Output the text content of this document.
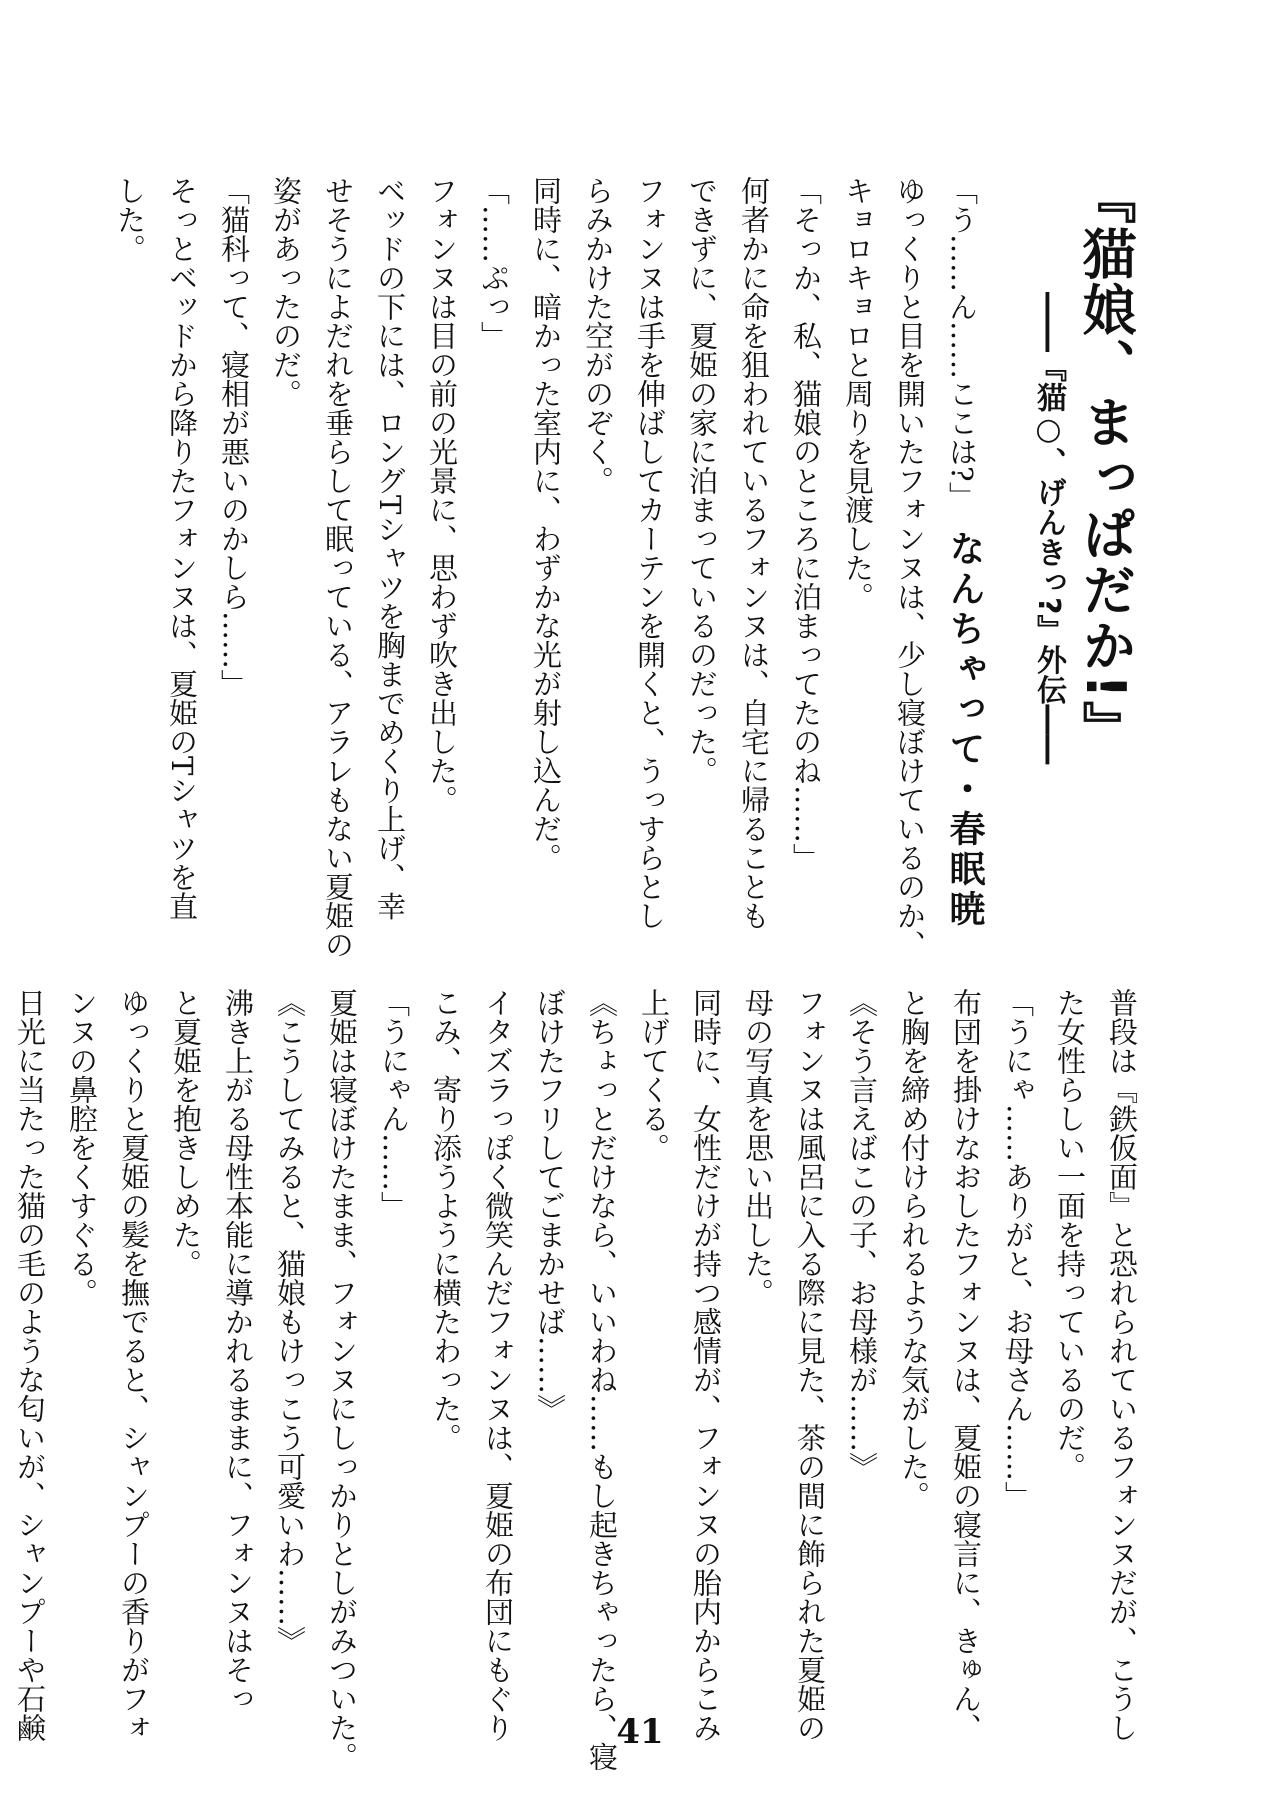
『猫娘、まっぱだか!』
――『猫○、げんきっ?』外伝――
なんちゃって・春眠暁
「う……ん……ここは?」
ゆっくりと目を開いたフォンヌは、少し寝ぼけているのか、
キョロキョロと周りを見渡した。
「そっか、私、猫娘のところに泊まってたのね……」
何者かに命を狙われているフォンヌは、自宅に帰ることも
できずに、夏姫の家に泊まっているのだった。
フォンヌは手を伸ばしてカーテンを開くと、うっすらとし
らみかけた空がのぞく。
同時に、暗かった室内に、わずかな光が射し込んだ。
「……ぷっ」
フォンヌは目の前の光景に、思わず吹き出した。
ベッドの下には、ロングTシャツを胸までめくり上げ、幸
せそうによだれを垂らして眠っている、アラレもない夏姫の
姿があったのだ。
「猫科って、寝相が悪いのかしら……」
そっとベッドから降りたフォンヌは、夏姫のTシャツを直
した。
普段は『鉄仮面』と恐れられているフォンヌだが、こうし
た女性らしい一面を持っているのだ。
「うにゃ……ありがと、お母さん……」
布団を掛けなおしたフォンヌは、夏姫の寝言に、きゅん、
と胸を締め付けられるような気がした。
《そう言えばこの子、お母様が……》
フォンヌは風呂に入る際に見た、茶の間に飾られた夏姫の
母の写真を思い出した。
同時に、女性だけが持つ感情が、フォンヌの胎内からこみ
上げてくる。
《ちょっとだけなら、いいわね……もし起きちゃったら、寝
ぼけたフリしてごまかせば……》
イタズラっぽく微笑んだフォンヌは、夏姫の布団にもぐり
こみ、寄り添うように横たわった。
「うにゃん……」
夏姫は寝ぼけたまま、フォンヌにしっかりとしがみついた。
《こうしてみると、猫娘もけっこう可愛いわ……》
沸き上がる母性本能に導かれるままに、フォンヌはそっ
と夏姫を抱きしめた。
ゆっくりと夏姫の髪を撫でると、シャンプーの香りがフォ
ンヌの鼻腔をくすぐる。
日光に当たった猫の毛のような匂いが、シャンプーや石鹸	41
